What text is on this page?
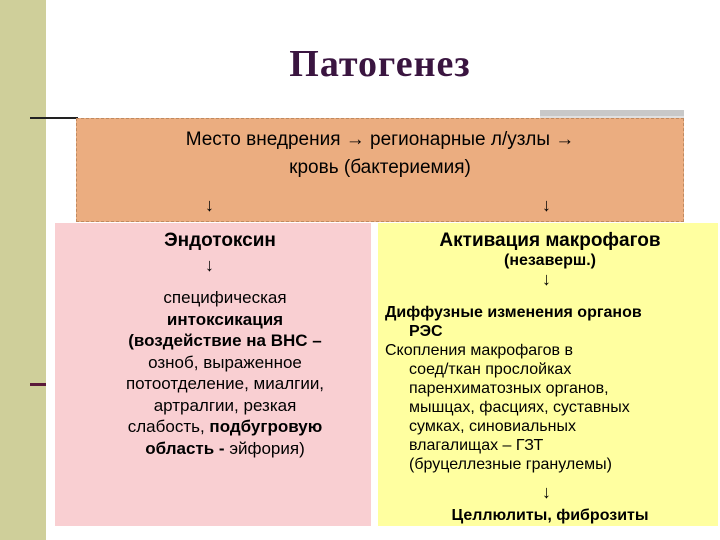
Патогенез
Место внедрения → регионарные л/узлы →
кровь (бактериемия)
↓	↓
Эндотоксин
↓
специфическая
интоксикация
(воздействие на ВНС –
озноб, выраженное
потоотделение, миалгии,
артралгии, резкая
слабость, подбугровую
область - эйфория)
Активация макрофагов
(незаверш.)
↓
Диффузные изменения органов
РЭС
Скопления макрофагов в
соед/ткан прослойках
паренхиматозных органов,
мышцах, фасциях, суставных
сумках, синовиальных
влагалищах – ГЗТ
(бруцеллезные гранулемы)
↓
Целлюлиты, фиброзиты
